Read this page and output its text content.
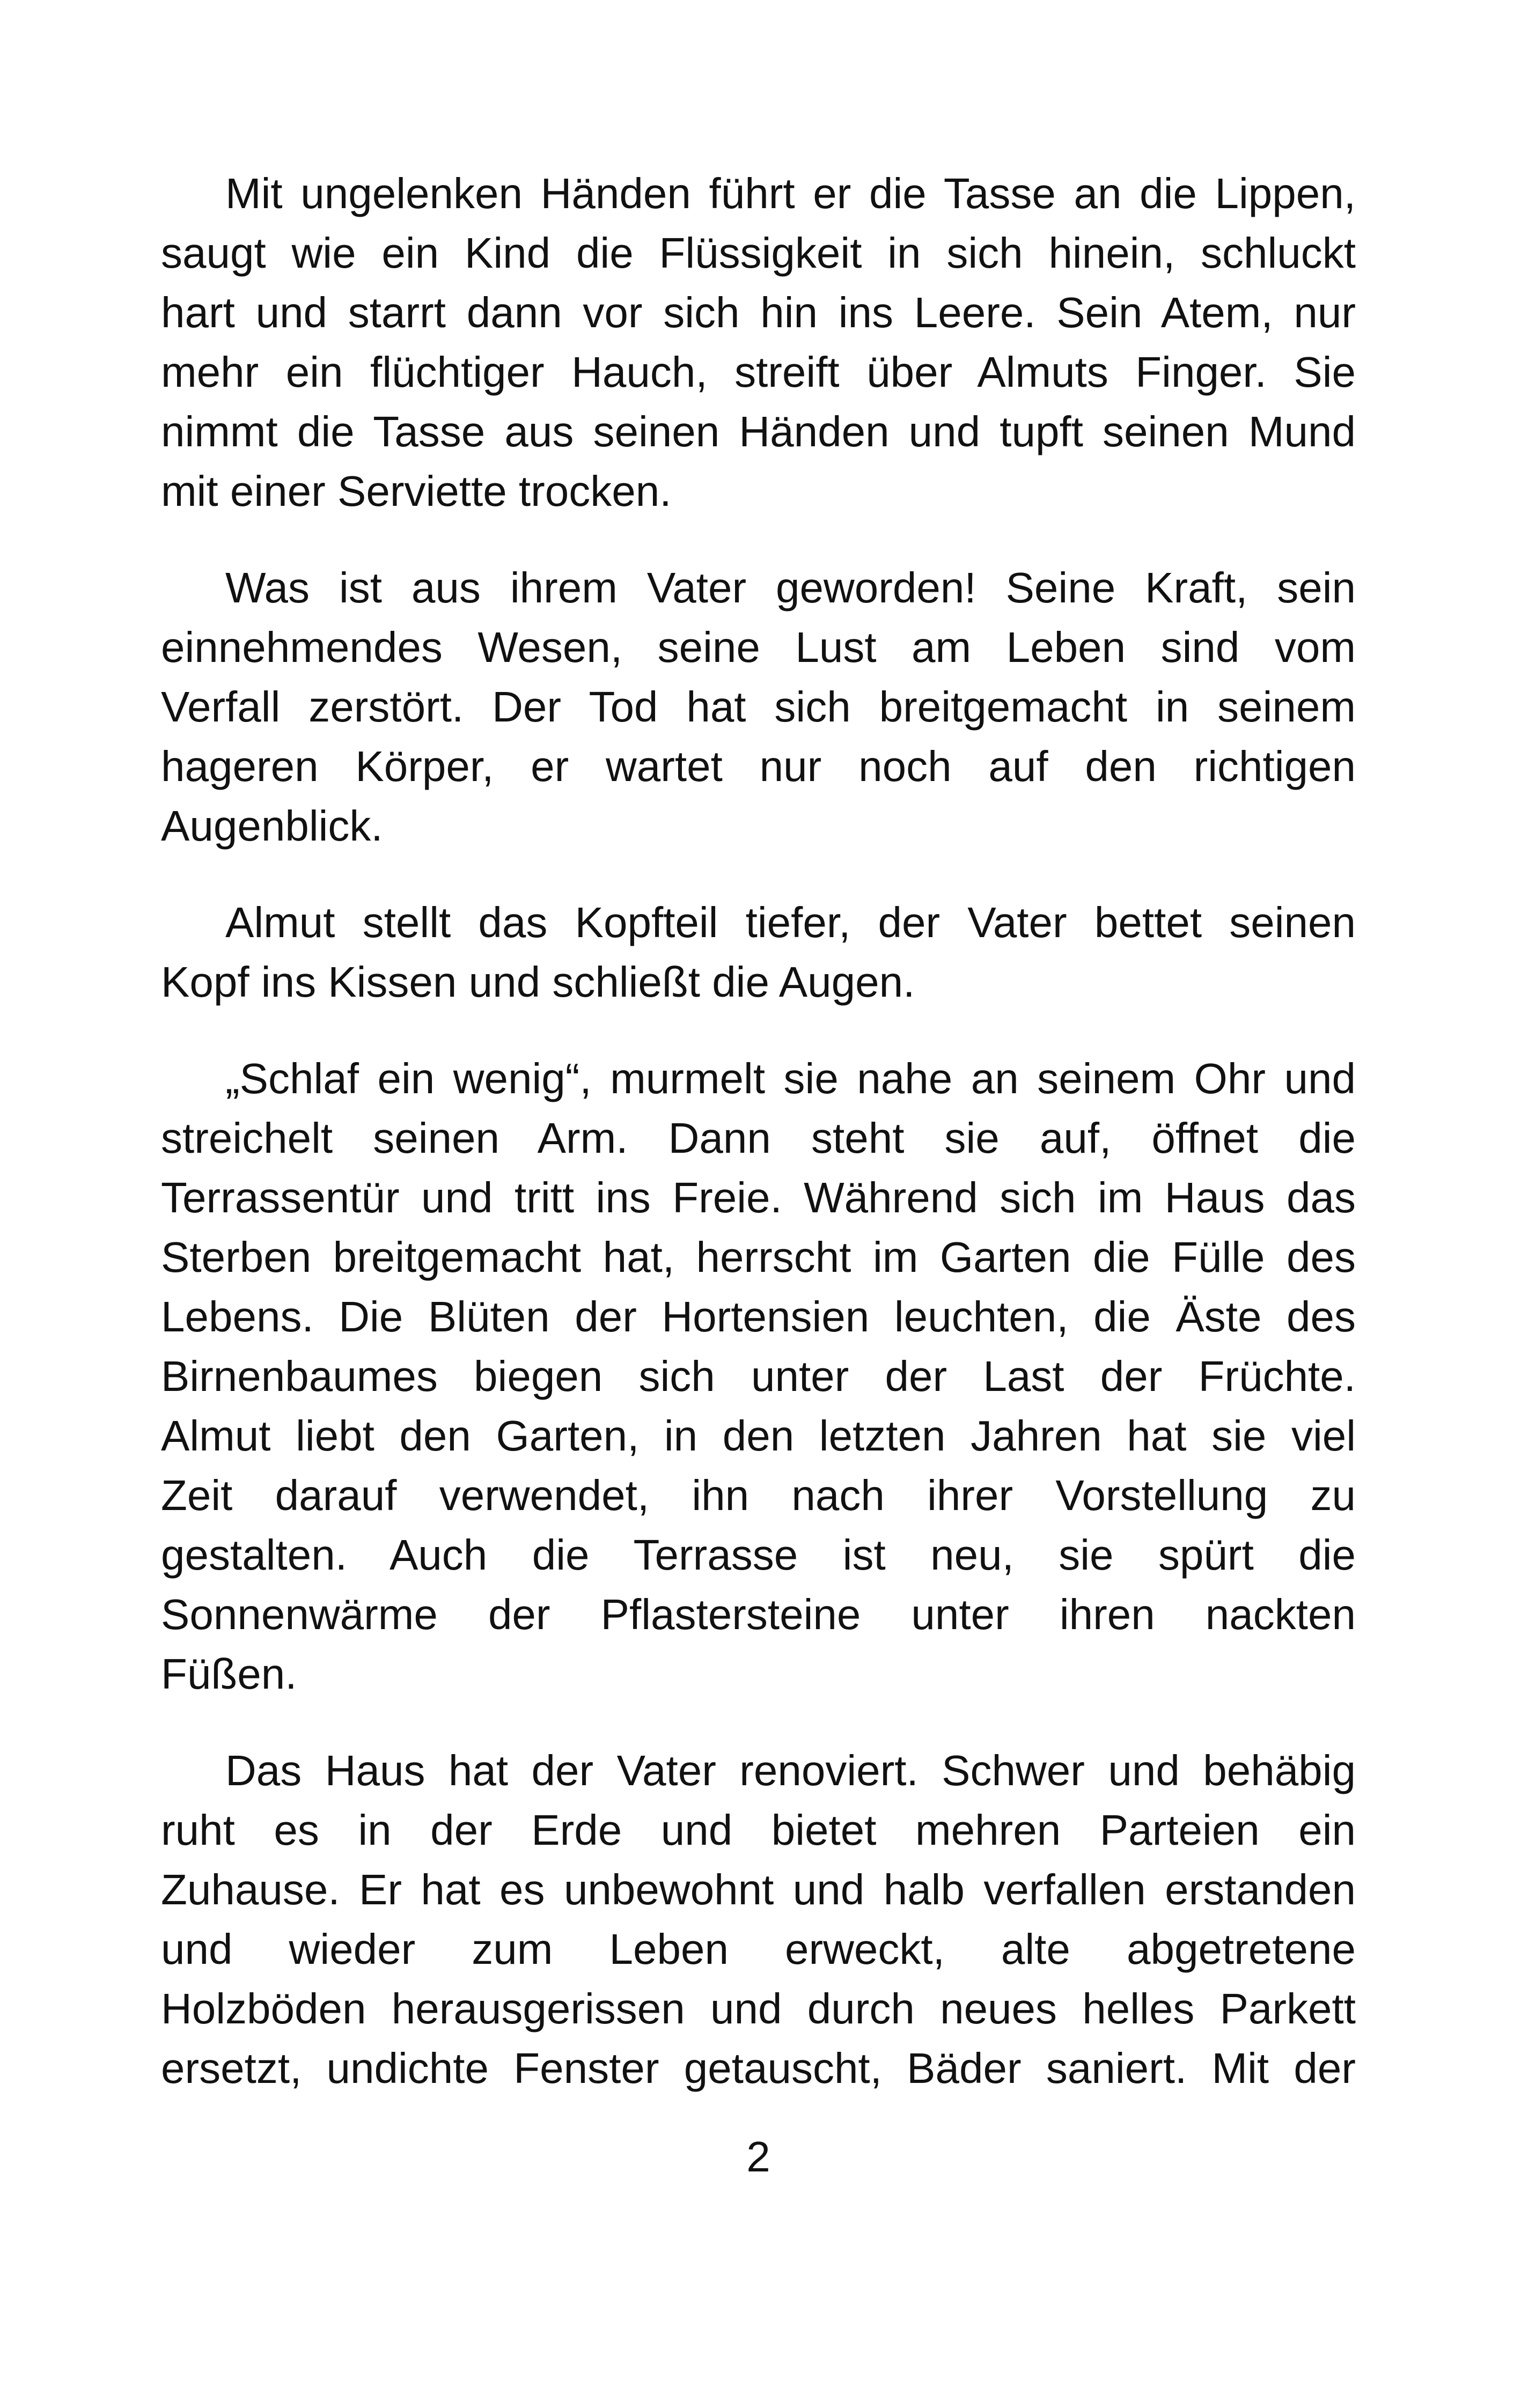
Mit ungelenken Händen führt er die Tasse an die Lippen,
saugt wie ein Kind die Flüssigkeit in sich hinein, schluckt
hart und starrt dann vor sich hin ins Leere. Sein Atem, nur
mehr ein flüchtiger Hauch, streift über Almuts Finger. Sie
nimmt die Tasse aus seinen Händen und tupft seinen Mund
mit einer Serviette trocken.
Was ist aus ihrem Vater geworden! Seine Kraft, sein
einnehmendes Wesen, seine Lust am Leben sind vom
Verfall zerstört. Der Tod hat sich breitgemacht in seinem
hageren Körper, er wartet nur noch auf den richtigen
Augenblick.
Almut stellt das Kopfteil tiefer, der Vater bettet seinen
Kopf ins Kissen und schließt die Augen.
„Schlaf ein wenig“, murmelt sie nahe an seinem Ohr und
streichelt seinen Arm. Dann steht sie auf, öffnet die
Terrassentür und tritt ins Freie. Während sich im Haus das
Sterben breitgemacht hat, herrscht im Garten die Fülle des
Lebens. Die Blüten der Hortensien leuchten, die Äste des
Birnenbaumes biegen sich unter der Last der Früchte.
Almut liebt den Garten, in den letzten Jahren hat sie viel
Zeit darauf verwendet, ihn nach ihrer Vorstellung zu
gestalten. Auch die Terrasse ist neu, sie spürt die
Sonnenwärme der Pflastersteine unter ihren nackten
Füßen.
Das Haus hat der Vater renoviert. Schwer und behäbig
ruht es in der Erde und bietet mehren Parteien ein
Zuhause. Er hat es unbewohnt und halb verfallen erstanden
und wieder zum Leben erweckt, alte abgetretene
Holzböden herausgerissen und durch neues helles Parkett
ersetzt, undichte Fenster getauscht, Bäder saniert. Mit der
2
